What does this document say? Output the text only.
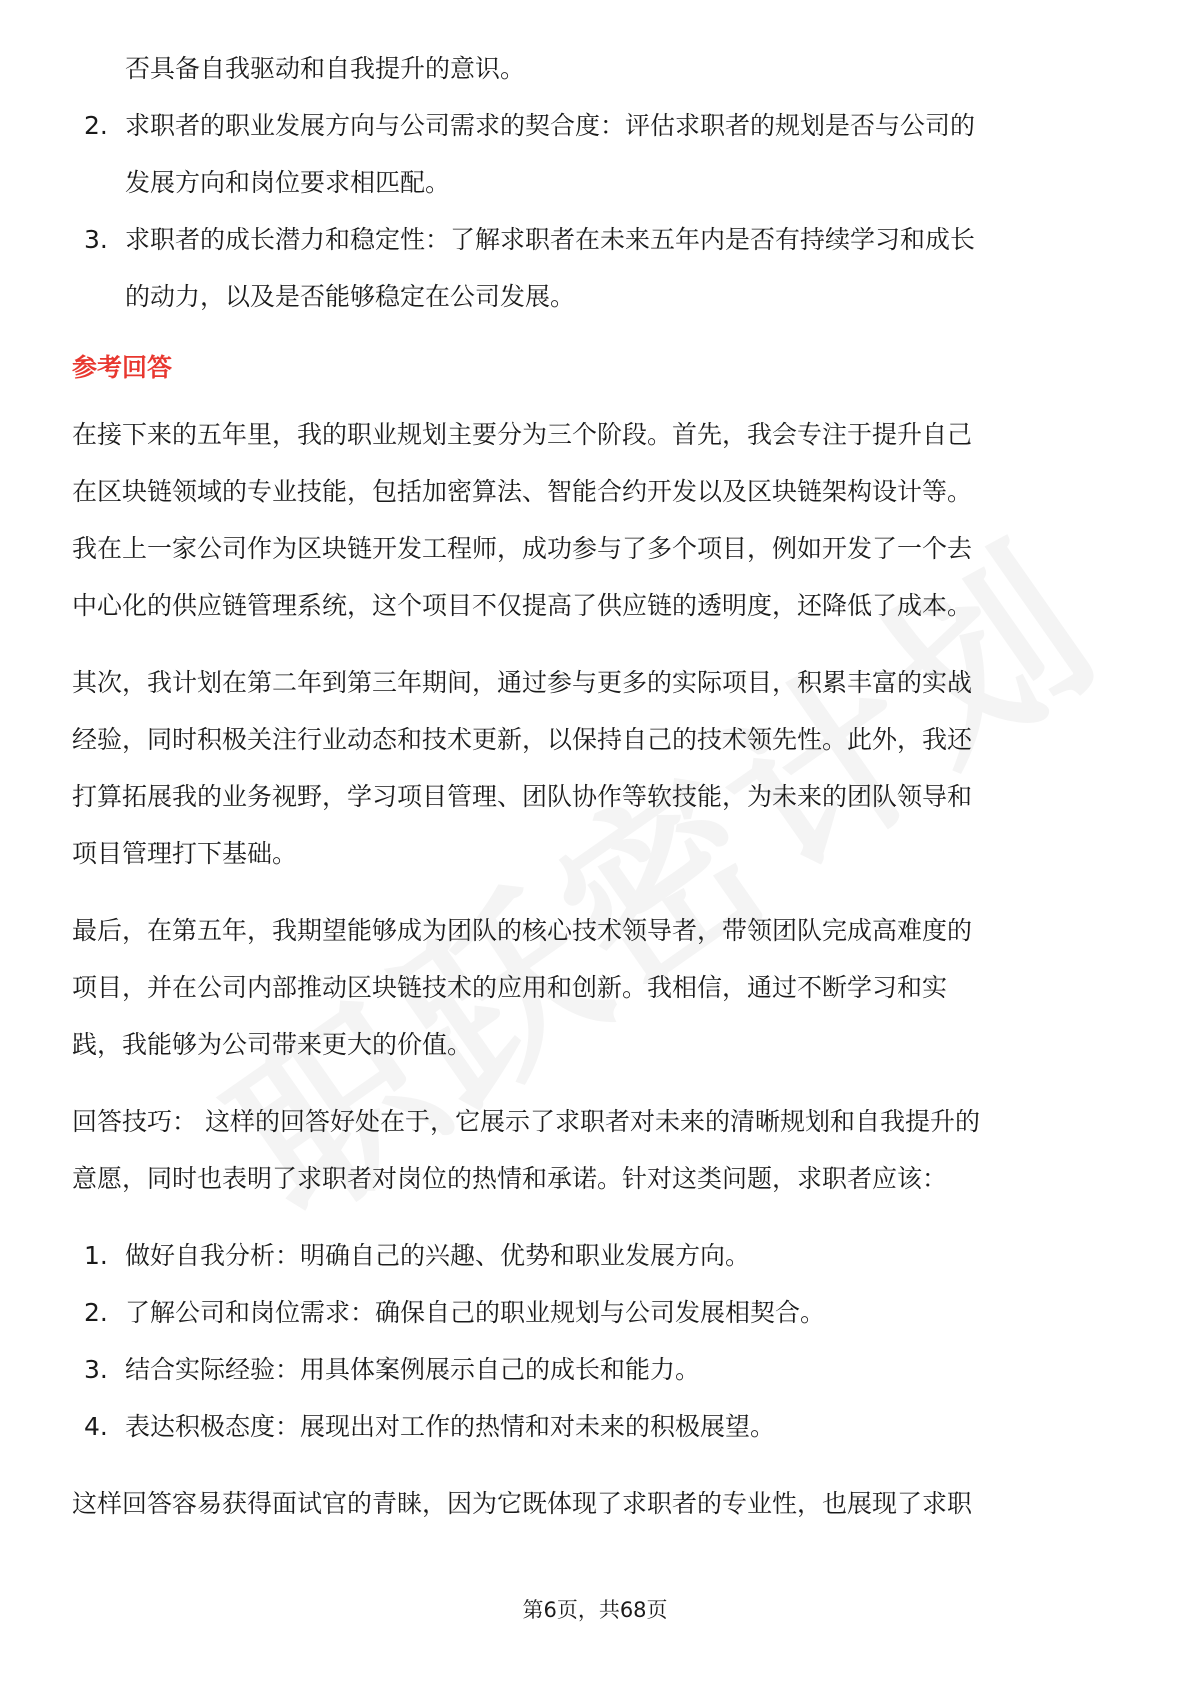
否具备自我驱动和自我提升的意识。
2. 求职者的职业发展方向与公司需求的契合度：评估求职者的规划是否与公司的
发展方向和岗位要求相匹配。
3. 求职者的成长潜力和稳定性：了解求职者在未来五年内是否有持续学习和成长
的动力，以及是否能够稳定在公司发展。
参考回答
在接下来的五年里，我的职业规划主要分为三个阶段。首先，我会专注于提升自己
在区块链领域的专业技能，包括加密算法、智能合约开发以及区块链架构设计等。
我在上一家公司作为区块链开发工程师，成功参与了多个项目，例如开发了一个去
中心化的供应链管理系统，这个项目不仅提高了供应链的透明度，还降低了成本。
其次，我计划在第二年到第三年期间，通过参与更多的实际项目，积累丰富的实战
经验，同时积极关注行业动态和技术更新，以保持自己的技术领先性。此外，我还
打算拓展我的业务视野，学习项目管理、团队协作等软技能，为未来的团队领导和
项目管理打下基础。
最后，在第五年，我期望能够成为团队的核心技术领导者，带领团队完成高难度的
项目，并在公司内部推动区块链技术的应用和创新。我相信，通过不断学习和实
践，我能够为公司带来更大的价值。
回答技巧： 这样的回答好处在于，它展示了求职者对未来的清晰规划和自我提升的
意愿，同时也表明了求职者对岗位的热情和承诺。针对这类问题，求职者应该：
1. 做好自我分析：明确自己的兴趣、优势和职业发展方向。
2. 了解公司和岗位需求：确保自己的职业规划与公司发展相契合。
3. 结合实际经验：用具体案例展示自己的成长和能力。
4. 表达积极态度：展现出对工作的热情和对未来的积极展望。
这样回答容易获得面试官的青睐，因为它既体现了求职者的专业性，也展现了求职
第6页，共68页
